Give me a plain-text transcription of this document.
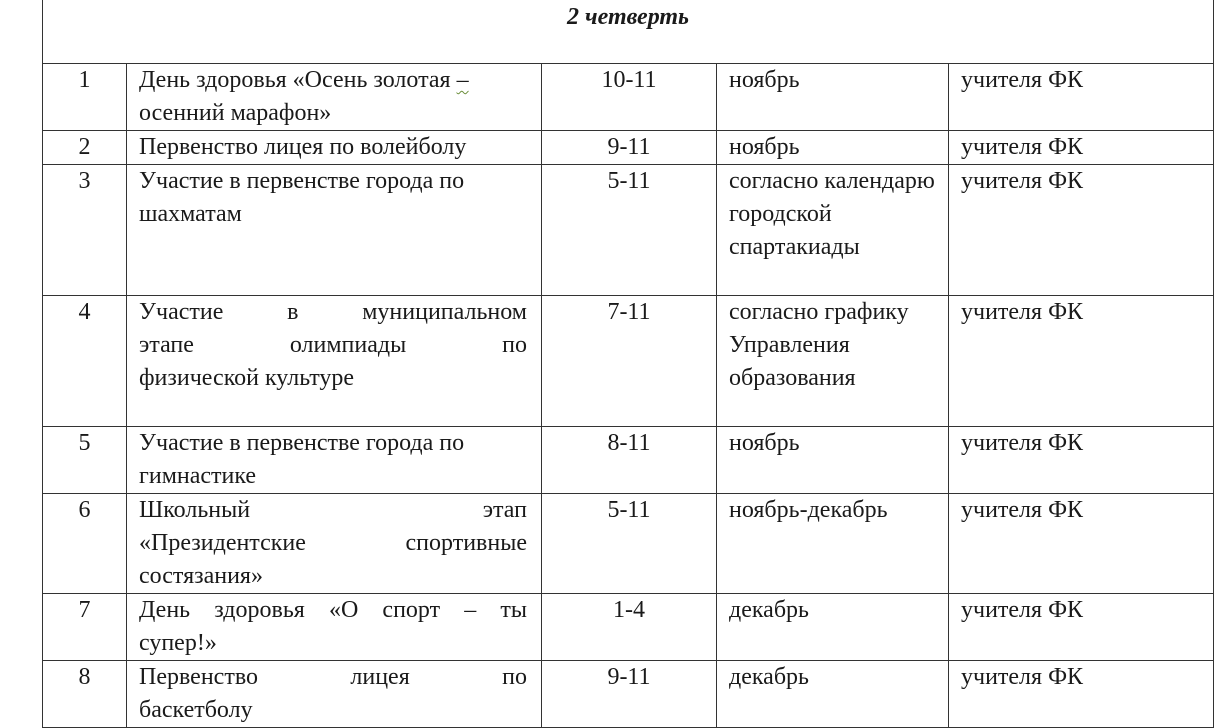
2 четверть				

1	День здоровья «Осень золотая –
осенний марафон»	10-11	ноябрь	учителя ФК

2	Первенство лицея по волейболу	9-11	ноябрь	учителя ФК

3	Участие в первенстве города по
шахматам	5-11	согласно календарю городской спартакиады	учителя ФК

4	Участие в муниципальном
этапе олимпиады по
физической культуре	7-11	согласно графику Управления образования	учителя ФК

5	Участие в первенстве города по
гимнастике	8-11	ноябрь	учителя ФК

6	Школьный этап
«Президентские спортивные
состязания»	5-11	ноябрь-декабрь	учителя ФК

7	День здоровья «О спорт – ты
супер!»	1-4	декабрь	учителя ФК

8	Первенство лицея по
баскетболу	9-11	декабрь	учителя ФК
